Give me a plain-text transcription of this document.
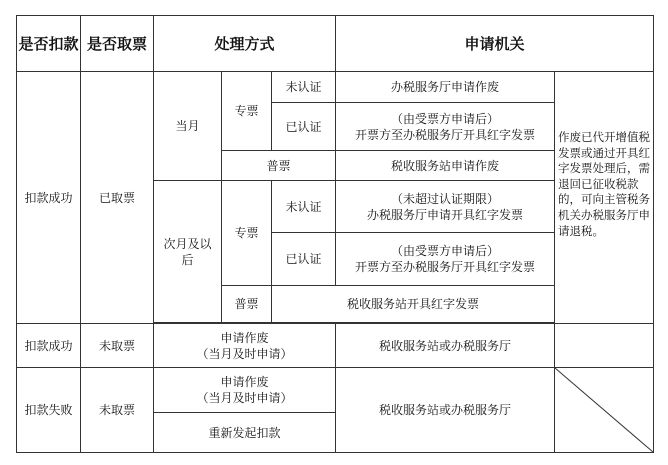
是否扣款	是否取票	处理方式			申请机关	
扣款成功	已取票	当月	专票	未认证	办税服务厅申请作废	作废已代开增值税发票或通过开具红字发票处理后，需退回已征收税款的，可向主管税务机关办税服务厅申请退税。
				已认证	（由受票方申请后）
开票方至办税服务厅开具红字发票	

			普票		税收服务站申请作废	
		次月及以后	专票	未认证	（未超过认证期限）
办税服务厅申请开具红字发票	

				已认证	（由受票方申请后）
开票方至办税服务厅开具红字发票	

			普票	税收服务站开具红字发票		

扣款成功	未取票	申请作废
（当月及时申请）			税收服务站或办税服务厅	
扣款失败	未取票	申请作废
（当月及时申请）			税收服务站或办税服务厅	

		重新发起扣款				
